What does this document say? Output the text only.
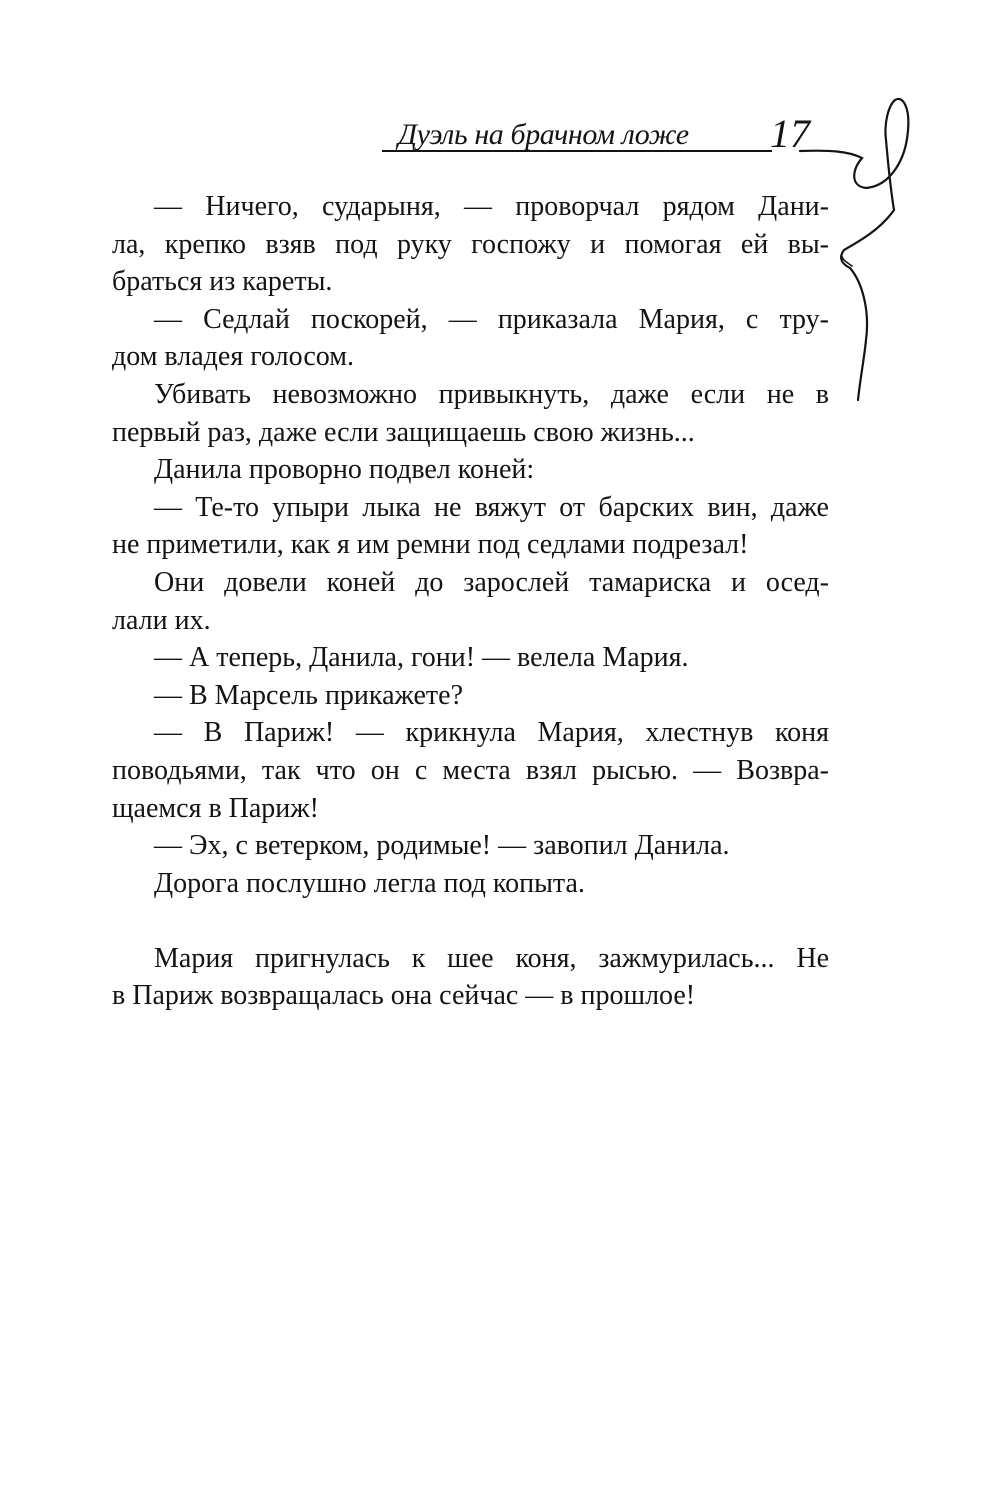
Дуэль на брачном ложе 17
— Ничего, сударыня, — проворчал рядом Дани-
ла, крепко взяв под руку госпожу и помогая ей вы-
браться из кареты.
— Седлай поскорей, — приказала Мария, с тру-
дом владея голосом.
Убивать невозможно привыкнуть, даже если не в
первый раз, даже если защищаешь свою жизнь...
Данила проворно подвел коней:
— Те-то упыри лыка не вяжут от барских вин, даже
не приметили, как я им ремни под седлами подрезал!
Они довели коней до зарослей тамариска и осед-
лали их.
— А теперь, Данила, гони! — велела Мария.
— В Марсель прикажете?
— В Париж! — крикнула Мария, хлестнув коня
поводьями, так что он с места взял рысью. — Возвра-
щаемся в Париж!
— Эх, с ветерком, родимые! — завопил Данила.
Дорога послушно легла под копыта.
Мария пригнулась к шее коня, зажмурилась... Не
в Париж возвращалась она сейчас — в прошлое!
